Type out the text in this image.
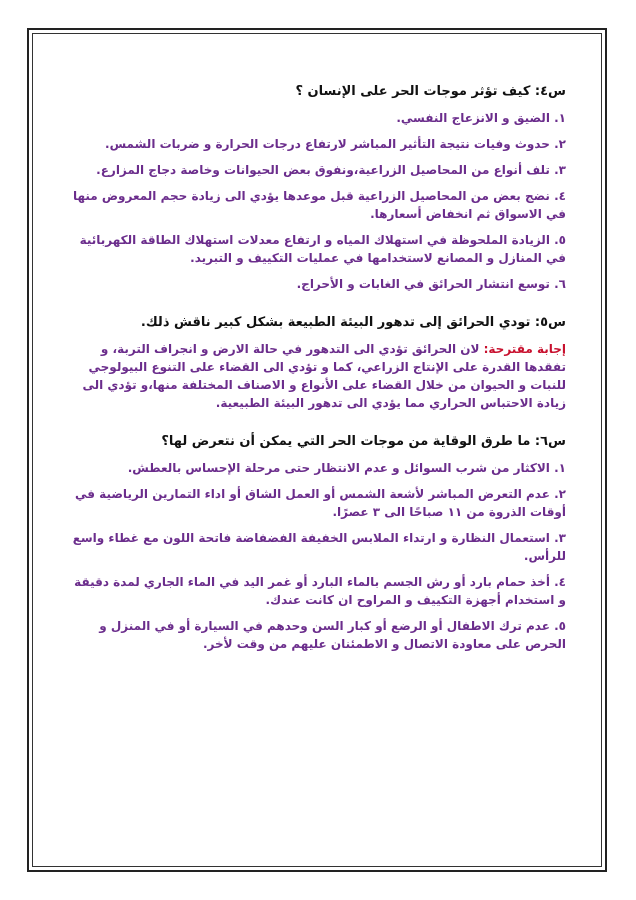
س٤: كيف تؤثر موجات الحر على الإنسان ؟
١. الضيق و الانزعاج النفسي.
٢. حدوث وفيات نتيجة التأثير المباشر لارتفاع درجات الحرارة و ضربات الشمس.
٣. تلف أنواع من المحاصيل الزراعية،ونفوق بعض الحيوانات وخاصة دجاج المزارع.
٤. نضج بعض من المحاصيل الزراعية قبل موعدها يؤدي الى زيادة حجم المعروض منها في الاسواق ثم انخفاض أسعارها.
٥. الزيادة الملحوظة في استهلاك المياه و ارتفاع معدلات استهلاك الطاقة الكهربائية في المنازل و المصانع لاستخدامها في عمليات التكييف و التبريد.
٦. توسع انتشار الحرائق في الغابات و الأحراج.
س٥: تودي الحرائق إلى تدهور البيئة الطبيعة بشكل كبير ناقش ذلك.
إجابة مقترحة: لان الحرائق تؤدي الى التدهور في حالة الارض و انجراف التربة، و تفقدها القدرة على الإنتاج الزراعي، كما و تؤدي الى القضاء على التنوع البيولوجي للنبات و الحيوان من خلال القضاء على الأنواع و الاصناف المختلفة منها،و تؤدي الى زيادة الاحتباس الحراري مما يؤدي الى تدهور البيئة الطبيعية.
س٦: ما طرق الوقاية من موجات الحر التي يمكن أن نتعرض لها؟
١. الاكثار من شرب السوائل و عدم الانتظار حتى مرحلة الإحساس بالعطش.
٢. عدم التعرض المباشر لأشعة الشمس أو العمل الشاق أو اداء التمارين الرياضية في أوقات الذروة من ١١ صباحًا الى ٣ عصرًا.
٣. استعمال النظارة و ارتداء الملابس الخفيفة الفضفاضة فاتحة اللون مع غطاء واسع للرأس.
٤. أخذ حمام بارد أو رش الجسم بالماء البارد أو غمر اليد في الماء الجاري لمدة دقيقة و استخدام أجهزة التكييف و المراوح ان كانت عندك.
٥. عدم ترك الاطفال أو الرضع أو كبار السن وحدهم في السيارة أو في المنزل و الحرص على معاودة الاتصال و الاطمئنان عليهم من وقت لأخر.
